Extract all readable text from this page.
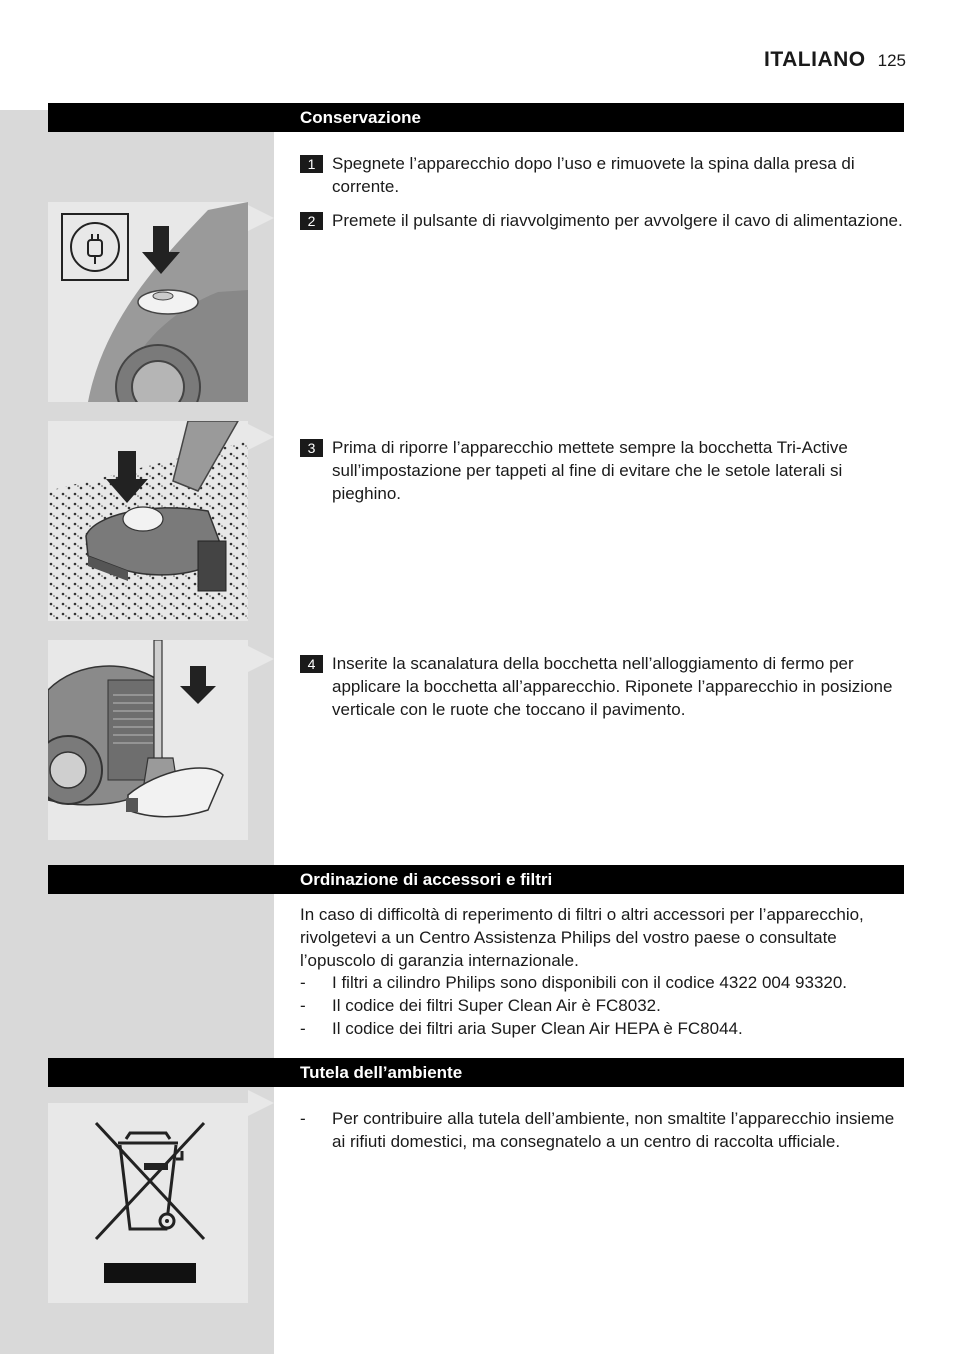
ITALIANO 125
Conservazione
1 Spegnete l’apparecchio dopo l’uso e rimuovete la spina dalla presa di corrente.
2 Premete il pulsante di riavvolgimento per avvolgere il cavo di alimentazione.
3 Prima di riporre l’apparecchio mettete sempre la bocchetta Tri-Active sull’impostazione per tappeti al fine di evitare che le setole laterali si pieghino.
4 Inserite la scanalatura della bocchetta nell’alloggiamento di fermo per applicare la bocchetta all’apparecchio. Riponete l’apparecchio in posizione verticale con le ruote che toccano il pavimento.
Ordinazione di accessori e filtri
In caso di difficoltà di reperimento di filtri o altri accessori per l’apparecchio, rivolgetevi a un Centro Assistenza Philips del vostro paese o consultate l’opuscolo di garanzia internazionale.
- I filtri a cilindro Philips sono disponibili con il codice 4322 004 93320.
- Il codice dei filtri Super Clean Air è FC8032.
- Il codice dei filtri aria Super Clean Air HEPA è FC8044.
Tutela dell’ambiente
- Per contribuire alla tutela dell’ambiente, non smaltite l’apparecchio insieme ai rifiuti domestici, ma consegnatelo a un centro di raccolta ufficiale.
